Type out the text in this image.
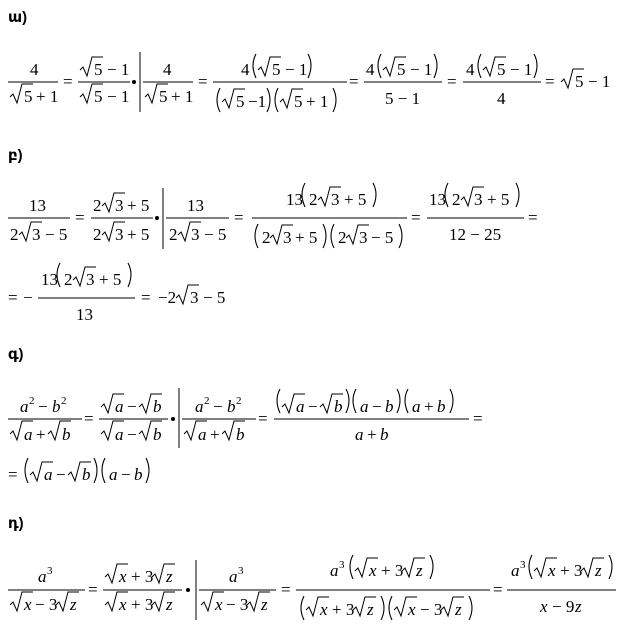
ա)
բ)
գ)
դ)
4
5 + 1
=
5 − 1
5 − 1
4
5 + 1
=
4 5 − 1
5 −1 5 + 1
=
4 5 − 1
5 − 1
=
4 5 − 1
4
= 5 − 1
13
2 3 − 5
=
2 3 + 5
2 3 + 5
13
2 3 − 5
=
13 2 3 + 5
2 3 + 5 2 3 − 5
=
13 2 3 + 5
12 − 25
=
= −
13 2 3 + 5
13
= −2 3 − 5
a 2 − b 2
a + b
=
a − b
a − b
a 2 − b 2
a + b
=
a − b a − b a + b
a + b
=
= a − b a − b
a 3
x − 3 z
=
x + 3 z
x + 3 z
a 3
x − 3 z
=
a 3 x + 3 z
x + 3 z x − 3 z
=
a 3 x + 3 z
x − 9 z
